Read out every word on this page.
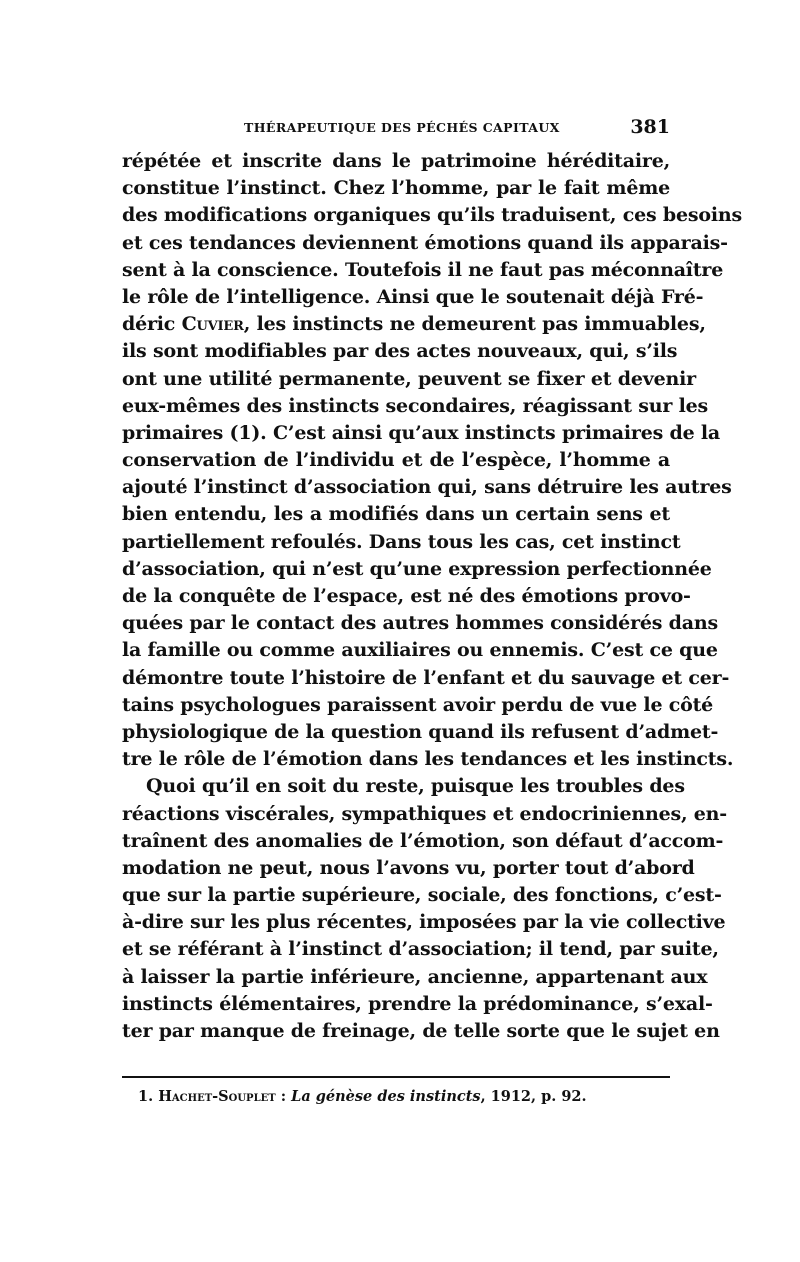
THÉRAPEUTIQUE DES PÉCHÉS CAPITAUX	381
répétée et inscrite dans le patrimoine héréditaire,
constitue l’instinct. Chez l’homme, par le fait même
des modifications organiques qu’ils traduisent, ces besoins
et ces tendances deviennent émotions quand ils apparais-
sent à la conscience. Toutefois il ne faut pas méconnaître
le rôle de l’intelligence. Ainsi que le soutenait déjà Fré-
déric Cuvier, les instincts ne demeurent pas immuables,
ils sont modifiables par des actes nouveaux, qui, s’ils
ont une utilité permanente, peuvent se fixer et devenir
eux-mêmes des instincts secondaires, réagissant sur les
primaires (1). C’est ainsi qu’aux instincts primaires de la
conservation de l’individu et de l’espèce, l’homme a
ajouté l’instinct d’association qui, sans détruire les autres
bien entendu, les a modifiés dans un certain sens et
partiellement refoulés. Dans tous les cas, cet instinct
d’association, qui n’est qu’une expression perfectionnée
de la conquête de l’espace, est né des émotions provo-
quées par le contact des autres hommes considérés dans
la famille ou comme auxiliaires ou ennemis. C’est ce que
démontre toute l’histoire de l’enfant et du sauvage et cer-
tains psychologues paraissent avoir perdu de vue le côté
physiologique de la question quand ils refusent d’admet-
tre le rôle de l’émotion dans les tendances et les instincts.
Quoi qu’il en soit du reste, puisque les troubles des
réactions viscérales, sympathiques et endocriniennes, en-
traînent des anomalies de l’émotion, son défaut d’accom-
modation ne peut, nous l’avons vu, porter tout d’abord
que sur la partie supérieure, sociale, des fonctions, c’est-
à-dire sur les plus récentes, imposées par la vie collective
et se référant à l’instinct d’association; il tend, par suite,
à laisser la partie inférieure, ancienne, appartenant aux
instincts élémentaires, prendre la prédominance, s’exal-
ter par manque de freinage, de telle sorte que le sujet en
1. Hachet-Souplet : La génèse des instincts, 1912, p. 92.
